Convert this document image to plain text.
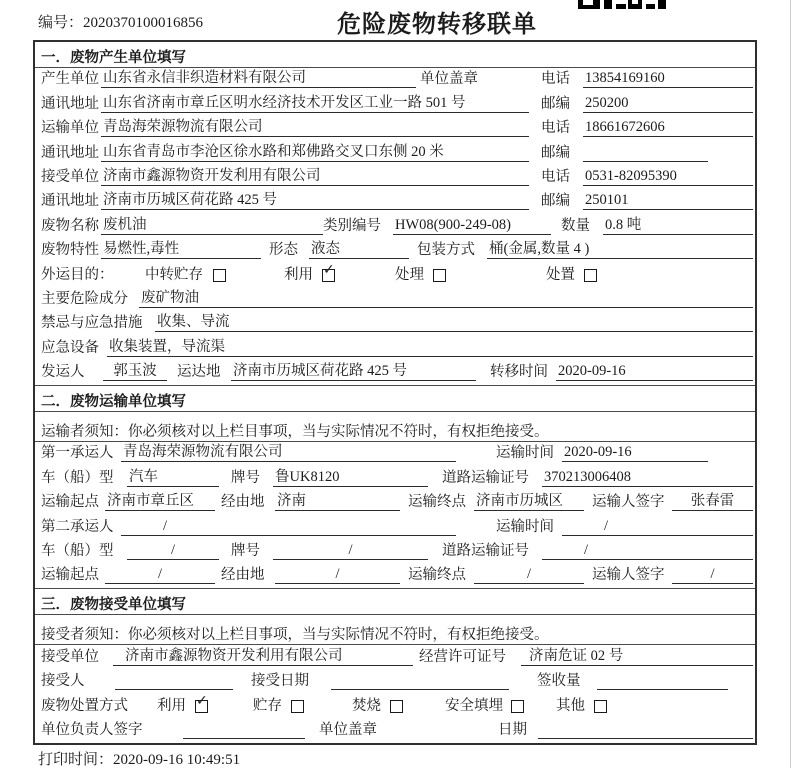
编号：2020370100016856	危险废物转移联单
一．废物产生单位填写
产生单位 山东省永信非织造材料有限公司	单位盖章	电话	13854169160
通讯地址 山东省济南市章丘区明水经济技术开发区工业一路 501 号	邮编	250200
运输单位 青岛海荣源物流有限公司	电话	18661672606
通讯地址 山东省青岛市李沧区徐水路和郑佛路交叉口东侧 20 米	邮编
接受单位 济南市鑫源物资开发利用有限公司	电话	0531-82095390
通讯地址 济南市历城区荷花路 425 号	邮编	250101
废物名称 废机油	类别编号 HW08(900-249-08)	数量	0.8 吨
废物特性 易燃性,毒性	形态 液态	包装方式 桶(金属,数量 4 )
外运目的：	中转贮存	利用 ✓	处理	处置
主要危险成分 废矿物油
禁忌与应急措施	收集、导流
应急设备 收集装置，导流渠
发运人	郭玉波	运达地 济南市历城区荷花路 425 号	转移时间 2020-09-16
二．废物运输单位填写
运输者须知：你必须核对以上栏目事项，当与实际情况不符时，有权拒绝接受。
第一承运人 青岛海荣源物流有限公司	运输时间 2020-09-16
车（船）型	汽车	牌号 鲁UK8120	道路运输证号 370213006408
运输起点 济南市章丘区	经由地 济南	运输终点 济南市历城区	运输人签字	张春雷
第二承运人	/	运输时间	/
车（船）型	/	牌号	/	道路运输证号	/
运输起点	/	经由地	/	运输终点	/	运输人签字	/
三．废物接受单位填写
接受者须知：你必须核对以上栏目事项，当与实际情况不符时，有权拒绝接受。
接受单位	济南市鑫源物资开发利用有限公司	经营许可证号	济南危证 02 号
接受人	接受日期	签收量
废物处置方式 利用 ✓	贮存	焚烧	安全填埋	其他
单位负责人签字	单位盖章	日期
打印时间：2020-09-16 10:49:51
